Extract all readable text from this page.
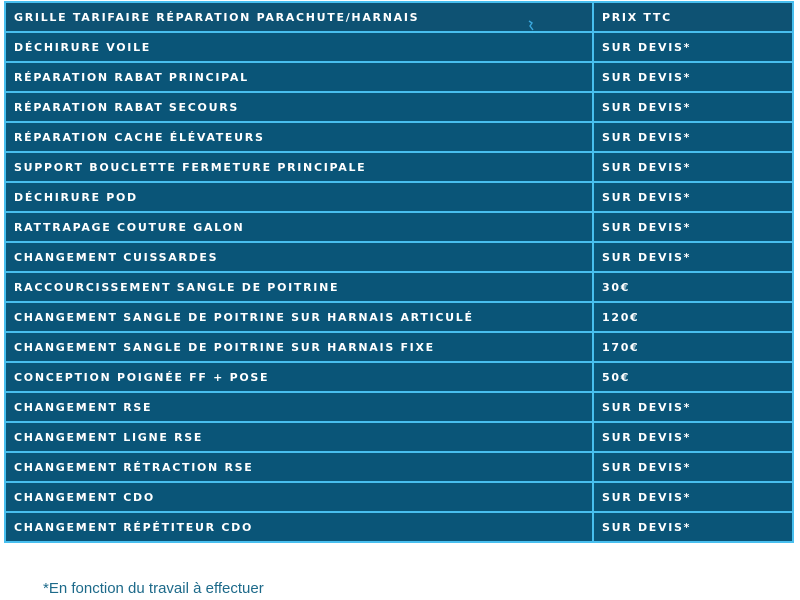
GRILLE TARIFAIRE RÉPARATION PARACHUTE/HARNAIS	PRIX TTC
DÉCHIRURE VOILE	SUR DEVIS*
RÉPARATION RABAT PRINCIPAL	SUR DEVIS*
RÉPARATION RABAT SECOURS	SUR DEVIS*
RÉPARATION CACHE ÉLÉVATEURS	SUR DEVIS*
SUPPORT BOUCLETTE FERMETURE PRINCIPALE	SUR DEVIS*
DÉCHIRURE POD	SUR DEVIS*
RATTRAPAGE COUTURE GALON	SUR DEVIS*
CHANGEMENT CUISSARDES	SUR DEVIS*
RACCOURCISSEMENT SANGLE DE POITRINE	30€
CHANGEMENT SANGLE DE POITRINE SUR HARNAIS ARTICULÉ	120€
CHANGEMENT SANGLE DE POITRINE SUR HARNAIS FIXE	170€
CONCEPTION POIGNÉE FF + POSE	50€
CHANGEMENT RSE	SUR DEVIS*
CHANGEMENT LIGNE RSE	SUR DEVIS*
CHANGEMENT RÉTRACTION RSE	SUR DEVIS*
CHANGEMENT CDO	SUR DEVIS*
CHANGEMENT RÉPÉTITEUR CDO	SUR DEVIS*
*En fonction du travail à effectuer
